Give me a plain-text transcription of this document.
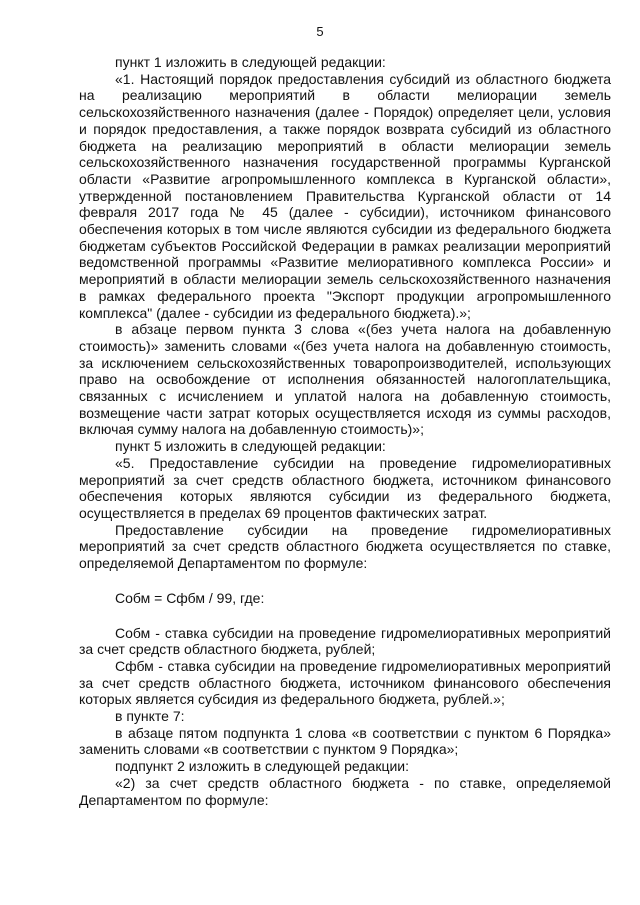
5

пункт 1 изложить в следующей редакции:

«1. Настоящий порядок предоставления субсидий из областного бюджета на реализацию мероприятий в области мелиорации земель сельскохозяйственного назначения (далее - Порядок) определяет цели, условия и порядок предоставления, а также порядок возврата субсидий из областного бюджета на реализацию мероприятий в области мелиорации земель сельскохозяйственного назначения государственной программы Курганской области «Развитие агропромышленного комплекса в Курганской области», утвержденной постановлением Правительства Курганской области от 14 февраля 2017 года № 45 (далее - субсидии), источником финансового обеспечения которых в том числе являются субсидии из федерального бюджета бюджетам субъектов Российской Федерации в рамках реализации мероприятий ведомственной программы «Развитие мелиоративного комплекса России» и мероприятий в области мелиорации земель сельскохозяйственного назначения в рамках федерального проекта "Экспорт продукции агропромышленного комплекса" (далее - субсидии из федерального бюджета).»;

в абзаце первом пункта 3 слова «(без учета налога на добавленную стоимость)» заменить словами «(без учета налога на добавленную стоимость, за исключением сельскохозяйственных товаропроизводителей, использующих право на освобождение от исполнения обязанностей налогоплательщика, связанных с исчислением и уплатой налога на добавленную стоимость, возмещение части затрат которых осуществляется исходя из суммы расходов, включая сумму налога на добавленную стоимость)»;

пункт 5 изложить в следующей редакции:

«5. Предоставление субсидии на проведение гидромелиоративных мероприятий за счет средств областного бюджета, источником финансового обеспечения которых являются субсидии из федерального бюджета, осуществляется в пределах 69 процентов фактических затрат.

Предоставление субсидии на проведение гидромелиоративных мероприятий за счет средств областного бюджета осуществляется по ставке, определяемой Департаментом по формуле:

Собм = Сфбм / 99, где:

Собм - ставка субсидии на проведение гидромелиоративных мероприятий за счет средств областного бюджета, рублей;

Сфбм - ставка субсидии на проведение гидромелиоративных мероприятий за счет средств областного бюджета, источником финансового обеспечения которых является субсидия из федерального бюджета, рублей.»;

в пункте 7:

в абзаце пятом подпункта 1 слова «в соответствии с пунктом 6 Порядка» заменить словами «в соответствии с пунктом 9 Порядка»;

подпункт 2 изложить в следующей редакции:

«2) за счет средств областного бюджета - по ставке, определяемой Департаментом по формуле:
